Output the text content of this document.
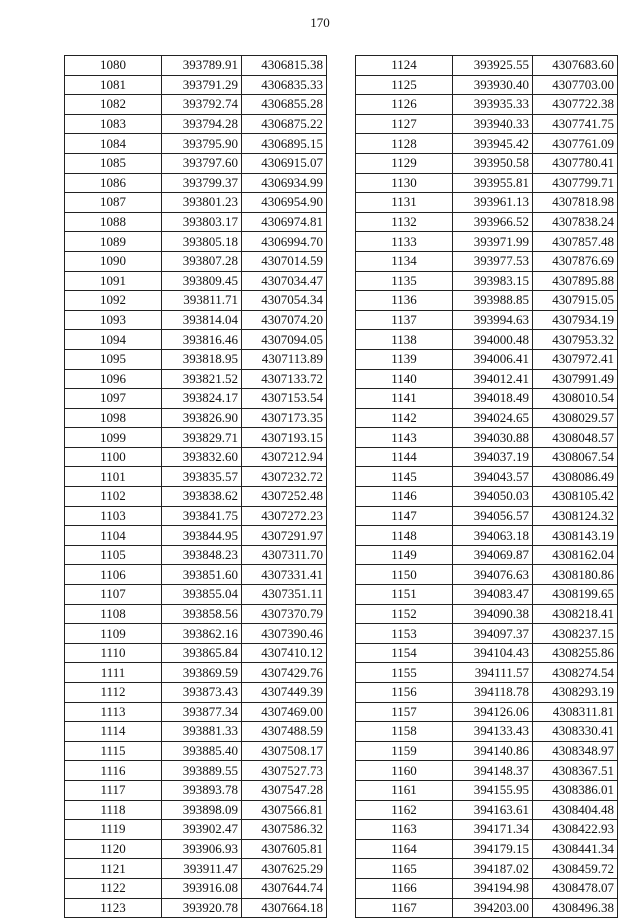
170
1080	393789.91	4306815.38
1081	393791.29	4306835.33
1082	393792.74	4306855.28
1083	393794.28	4306875.22
1084	393795.90	4306895.15
1085	393797.60	4306915.07
1086	393799.37	4306934.99
1087	393801.23	4306954.90
1088	393803.17	4306974.81
1089	393805.18	4306994.70
1090	393807.28	4307014.59
1091	393809.45	4307034.47
1092	393811.71	4307054.34
1093	393814.04	4307074.20
1094	393816.46	4307094.05
1095	393818.95	4307113.89
1096	393821.52	4307133.72
1097	393824.17	4307153.54
1098	393826.90	4307173.35
1099	393829.71	4307193.15
1100	393832.60	4307212.94
1101	393835.57	4307232.72
1102	393838.62	4307252.48
1103	393841.75	4307272.23
1104	393844.95	4307291.97
1105	393848.23	4307311.70
1106	393851.60	4307331.41
1107	393855.04	4307351.11
1108	393858.56	4307370.79
1109	393862.16	4307390.46
1110	393865.84	4307410.12
1111	393869.59	4307429.76
1112	393873.43	4307449.39
1113	393877.34	4307469.00
1114	393881.33	4307488.59
1115	393885.40	4307508.17
1116	393889.55	4307527.73
1117	393893.78	4307547.28
1118	393898.09	4307566.81
1119	393902.47	4307586.32
1120	393906.93	4307605.81
1121	393911.47	4307625.29
1122	393916.08	4307644.74
1123	393920.78	4307664.18
1124	393925.55	4307683.60
1125	393930.40	4307703.00
1126	393935.33	4307722.38
1127	393940.33	4307741.75
1128	393945.42	4307761.09
1129	393950.58	4307780.41
1130	393955.81	4307799.71
1131	393961.13	4307818.98
1132	393966.52	4307838.24
1133	393971.99	4307857.48
1134	393977.53	4307876.69
1135	393983.15	4307895.88
1136	393988.85	4307915.05
1137	393994.63	4307934.19
1138	394000.48	4307953.32
1139	394006.41	4307972.41
1140	394012.41	4307991.49
1141	394018.49	4308010.54
1142	394024.65	4308029.57
1143	394030.88	4308048.57
1144	394037.19	4308067.54
1145	394043.57	4308086.49
1146	394050.03	4308105.42
1147	394056.57	4308124.32
1148	394063.18	4308143.19
1149	394069.87	4308162.04
1150	394076.63	4308180.86
1151	394083.47	4308199.65
1152	394090.38	4308218.41
1153	394097.37	4308237.15
1154	394104.43	4308255.86
1155	394111.57	4308274.54
1156	394118.78	4308293.19
1157	394126.06	4308311.81
1158	394133.43	4308330.41
1159	394140.86	4308348.97
1160	394148.37	4308367.51
1161	394155.95	4308386.01
1162	394163.61	4308404.48
1163	394171.34	4308422.93
1164	394179.15	4308441.34
1165	394187.02	4308459.72
1166	394194.98	4308478.07
1167	394203.00	4308496.38
